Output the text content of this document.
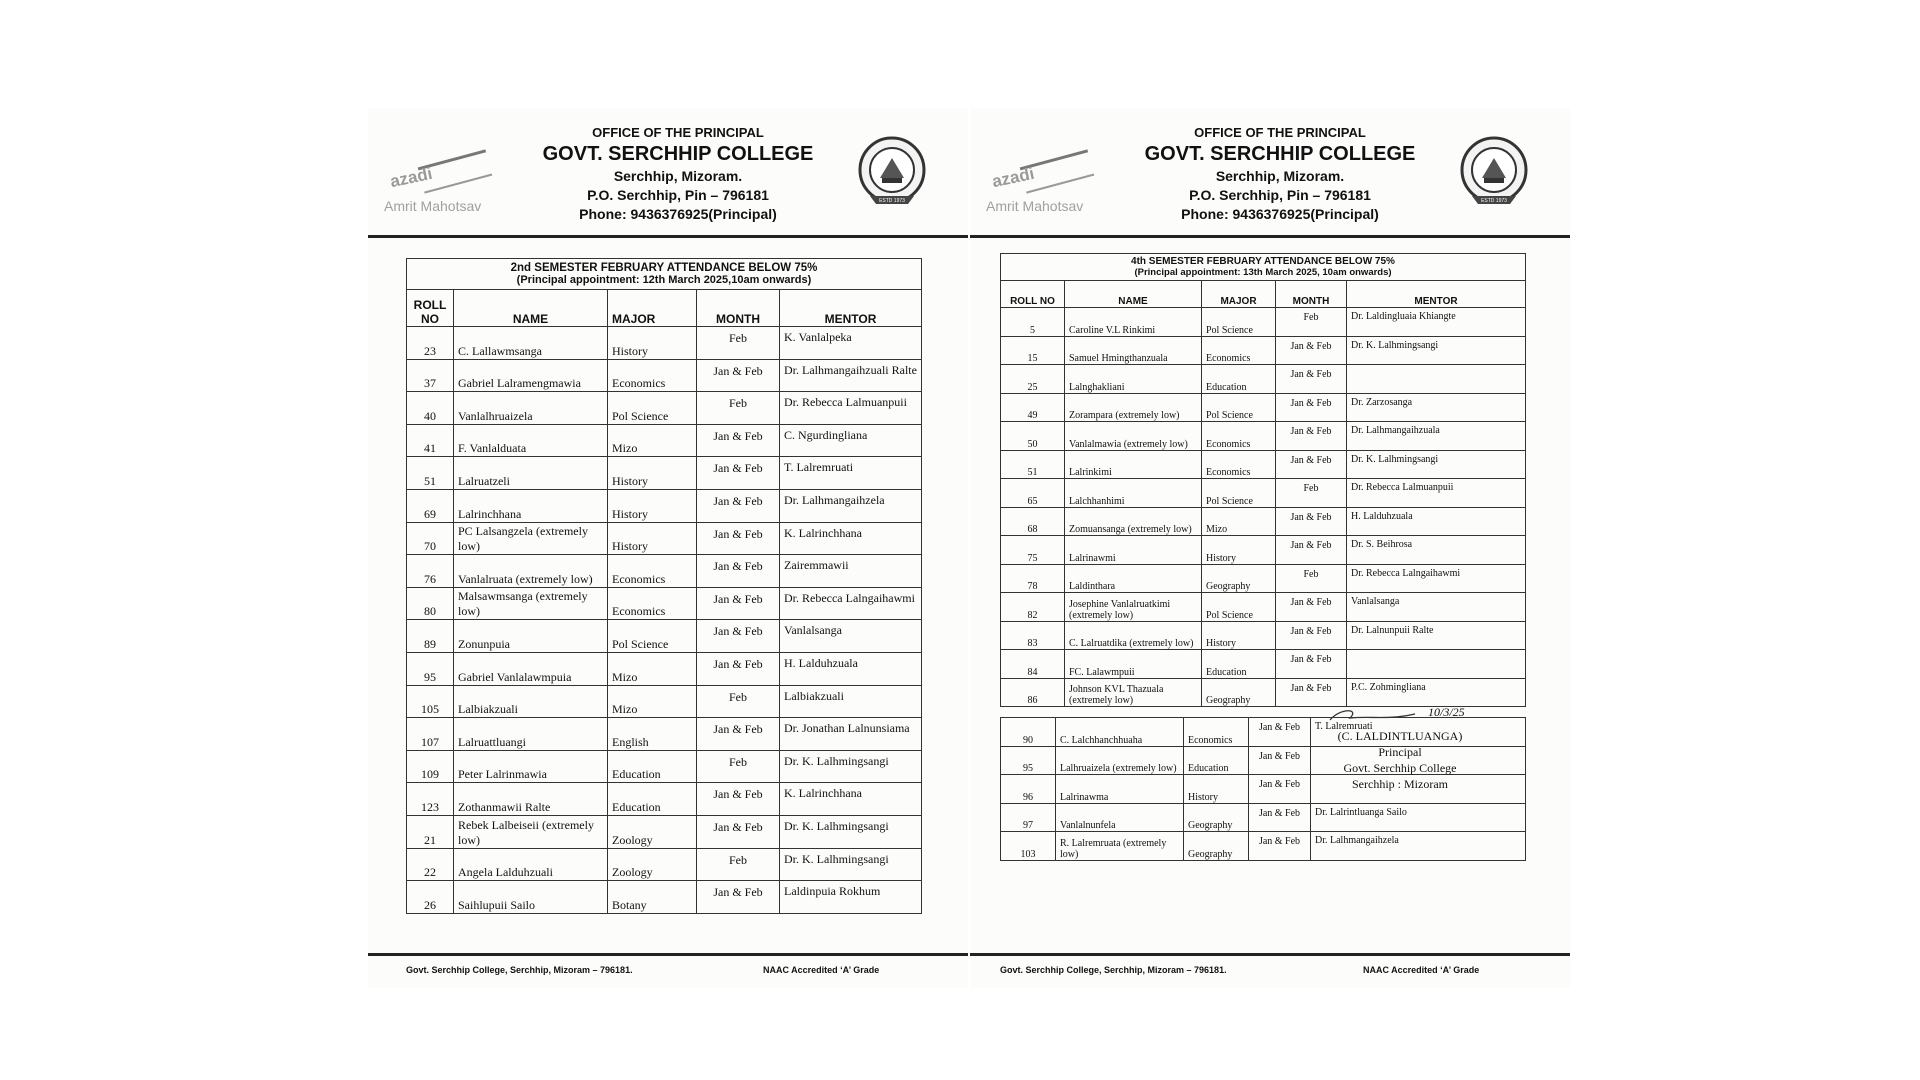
azadi
Amrit Mahotsav
OFFICE OF THE PRINCIPAL
GOVT. SERCHHIP COLLEGE
Serchhip, Mizoram.
P.O. Serchhip, Pin – 796181
Phone: 9436376925(Principal)
ESTD 1973
2nd SEMESTER FEBRUARY ATTENDANCE BELOW 75%
(Principal appointment: 12th March 2025,10am onwards)
ROLL NO	NAME	MAJOR	MONTH	MENTOR
23	C. Lallawmsanga	History	Feb	K. Vanlalpeka
37	Gabriel Lalramengmawia	Economics	Jan & Feb	Dr. Lalhmangaihzuali Ralte
40	Vanlalhruaizela	Pol Science	Feb	Dr. Rebecca Lalmuanpuii
41	F. Vanlalduata	Mizo	Jan & Feb	C. Ngurdingliana
51	Lalruatzeli	History	Jan & Feb	T. Lalremruati
69	Lalrinchhana	History	Jan & Feb	Dr. Lalhmangaihzela
70	PC Lalsangzela (extremely low)	History	Jan & Feb	K. Lalrinchhana
76	Vanlalruata (extremely low)	Economics	Jan & Feb	Zairemmawii
80	Malsawmsanga (extremely low)	Economics	Jan & Feb	Dr. Rebecca Lalngaihawmi
89	Zonunpuia	Pol Science	Jan & Feb	Vanlalsanga
95	Gabriel Vanlalawmpuia	Mizo	Jan & Feb	H. Lalduhzuala
105	Lalbiakzuali	Mizo	Feb	Lalbiakzuali
107	Lalruattluangi	English	Jan & Feb	Dr. Jonathan Lalnunsiama
109	Peter Lalrinmawia	Education	Feb	Dr. K. Lalhmingsangi
123	Zothanmawii Ralte	Education	Jan & Feb	K. Lalrinchhana
21	Rebek Lalbeiseii (extremely low)	Zoology	Jan & Feb	Dr. K. Lalhmingsangi
22	Angela Lalduhzuali	Zoology	Feb	Dr. K. Lalhmingsangi
26	Saihlupuii Sailo	Botany	Jan & Feb	Laldinpuia Rokhum
Govt. Serchhip College, Serchhip, Mizoram – 796181.	NAAC Accredited ‘A’ Grade
azadi
Amrit Mahotsav
OFFICE OF THE PRINCIPAL
GOVT. SERCHHIP COLLEGE
Serchhip, Mizoram.
P.O. Serchhip, Pin – 796181
Phone: 9436376925(Principal)
ESTD 1973
4th SEMESTER FEBRUARY ATTENDANCE BELOW 75%
(Principal appointment: 13th March 2025, 10am onwards)
ROLL NO	NAME	MAJOR	MONTH	MENTOR
5	Caroline V.L Rinkimi	Pol Science	Feb	Dr. Laldingluaia Khiangte
15	Samuel Hmingthanzuala	Economics	Jan & Feb	Dr. K. Lalhmingsangi
25	Lalnghakliani	Education	Jan & Feb	
49	Zorampara (extremely low)	Pol Science	Jan & Feb	Dr. Zarzosanga
50	Vanlalmawia (extremely low)	Economics	Jan & Feb	Dr. Lalhmangaihzuala
51	Lalrinkimi	Economics	Jan & Feb	Dr. K. Lalhmingsangi
65	Lalchhanhimi	Pol Science	Feb	Dr. Rebecca Lalmuanpuii
68	Zomuansanga (extremely low)	Mizo	Jan & Feb	H. Lalduhzuala
75	Lalrinawmi	History	Jan & Feb	Dr. S. Beihrosa
78	Laldinthara	Geography	Feb	Dr. Rebecca Lalngaihawmi
82	Josephine Vanlalruatkimi (extremely low)	Pol Science	Jan & Feb	Vanlalsanga
83	C. Lalruatdika (extremely low)	History	Jan & Feb	Dr. Lalnunpuii Ralte
84	FC. Lalawmpuii	Education	Jan & Feb	
86	Johnson KVL Thazuala (extremely low)	Geography	Jan & Feb	P.C. Zohmingliana
90	C. Lalchhanchhuaha	Economics	Jan & Feb	T. Lalremruati
95	Lalhruaizela (extremely low)	Education	Jan & Feb	
96	Lalrinawma	History	Jan & Feb	
97	Vanlalnunfela	Geography	Jan & Feb	Dr. Lalrintluanga Sailo
103	R. Lalremruata (extremely low)	Geography	Jan & Feb	Dr. Lalhmangaihzela
10/3/25
(C. LALDINTLUANGA)
Principal
Govt. Serchhip College
Serchhip : Mizoram
Govt. Serchhip College, Serchhip, Mizoram – 796181.	NAAC Accredited ‘A’ Grade
